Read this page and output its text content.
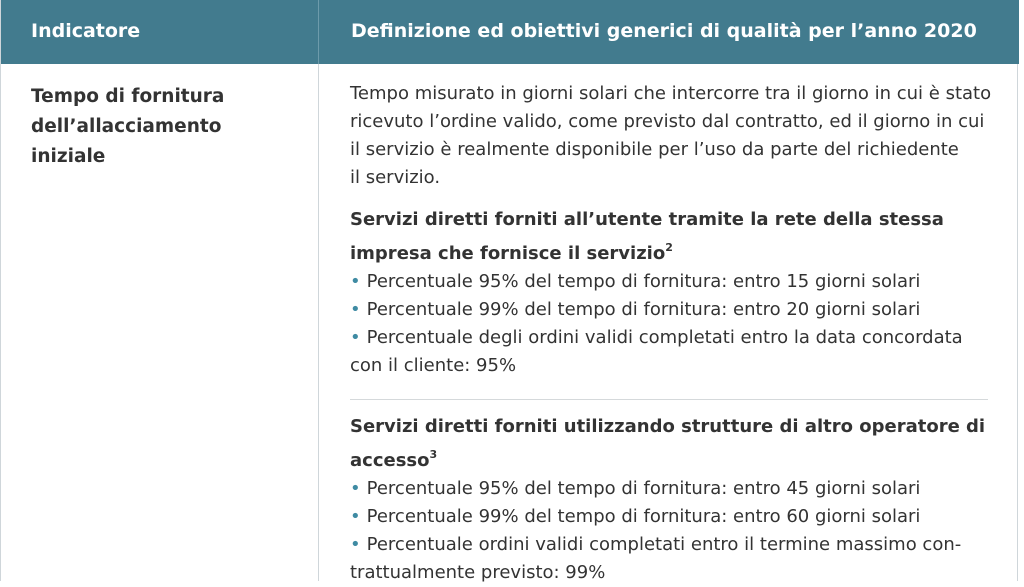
Indicatore	Definizione ed obiettivi generici di qualità per l’anno 2020
Tempo di fornitura
dell’allacciamento
iniziale

Tempo misurato in giorni solari che intercorre tra il giorno in cui è stato

ricevuto l’ordine valido, come previsto dal contratto, ed il giorno in cui

il servizio è realmente disponibile per l’uso da parte del richiedente

il servizio.

Servizi diretti forniti all’utente tramite la rete della stessa
impresa che fornisce il servizio$^2$

• Percentuale 95% del tempo di fornitura: entro 15 giorni solari

• Percentuale 99% del tempo di fornitura: entro 20 giorni solari

• Percentuale degli ordini validi completati entro la data concordata

con il cliente: 95%

Servizi diretti forniti utilizzando strutture di altro operatore di
accesso$^3$

• Percentuale 95% del tempo di fornitura: entro 45 giorni solari

• Percentuale 99% del tempo di fornitura: entro 60 giorni solari

• Percentuale ordini validi completati entro il termine massimo con-

trattualmente previsto: 99%
